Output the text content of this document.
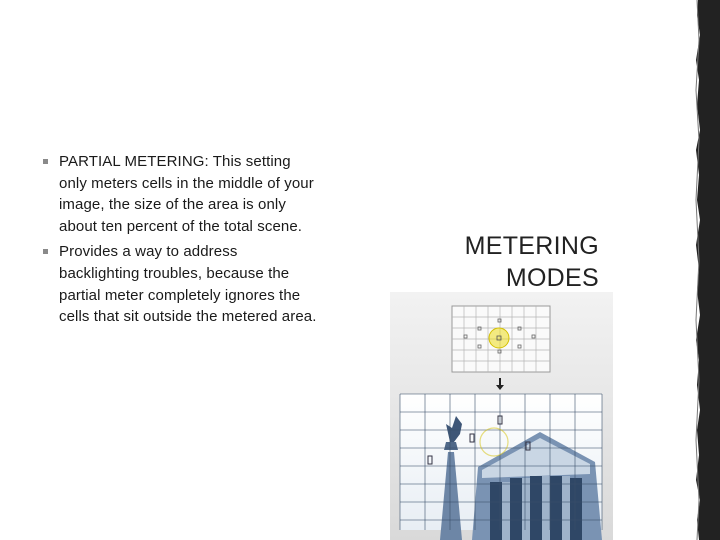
PARTIAL METERING: This setting only meters cells in the middle of your image, the size of the area is only about ten percent of the total scene.
Provides a way to address backlighting troubles, because the partial meter completely ignores the cells that sit outside the metered area.
METERING
MODES
